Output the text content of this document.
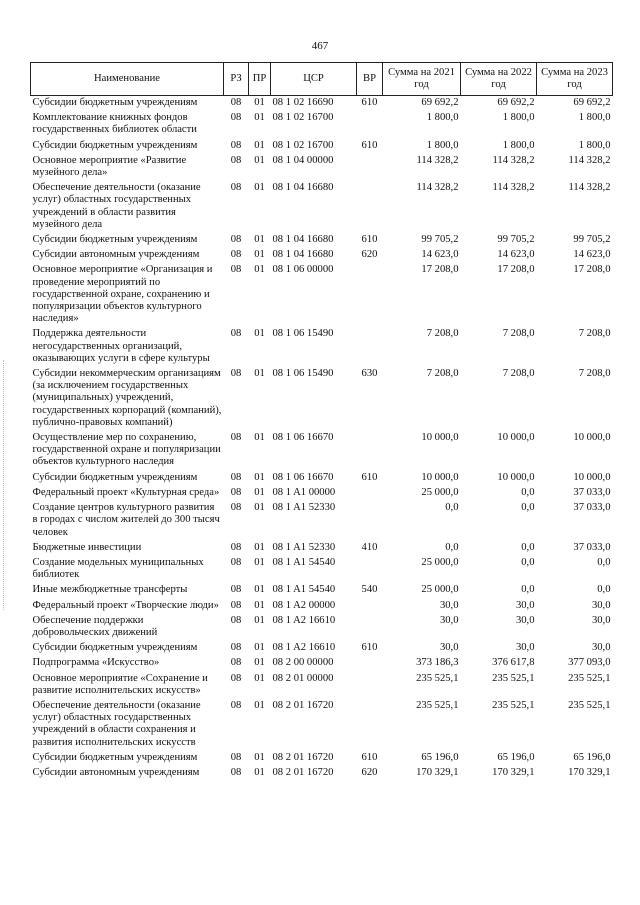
467
Наименование	РЗ	ПР	ЦСР	ВР	Сумма на 2021 год	Сумма на 2022 год	Сумма на 2023 год
Субсидии бюджетным учреждениям	08	01	08 1 02 16690	610	69 692,2	69 692,2	69 692,2
Комплектование книжных фондов государственных библиотек области	08	01	08 1 02 16700		1 800,0	1 800,0	1 800,0
Субсидии бюджетным учреждениям	08	01	08 1 02 16700	610	1 800,0	1 800,0	1 800,0
Основное мероприятие «Развитие музейного дела»	08	01	08 1 04 00000		114 328,2	114 328,2	114 328,2
Обеспечение деятельности (оказание услуг) областных государственных учреждений в области развития музейного дела	08	01	08 1 04 16680		114 328,2	114 328,2	114 328,2
Субсидии бюджетным учреждениям	08	01	08 1 04 16680	610	99 705,2	99 705,2	99 705,2
Субсидии автономным учреждениям	08	01	08 1 04 16680	620	14 623,0	14 623,0	14 623,0
Основное мероприятие «Организация и проведение мероприятий по государственной охране, сохранению и популяризации объектов культурного наследия»	08	01	08 1 06 00000		17 208,0	17 208,0	17 208,0
Поддержка деятельности негосударственных организаций, оказывающих услуги в сфере культуры	08	01	08 1 06 15490		7 208,0	7 208,0	7 208,0
Субсидии некоммерческим организациям (за исключением государственных (муниципальных) учреждений, государственных корпораций (компаний), публично-правовых компаний)	08	01	08 1 06 15490	630	7 208,0	7 208,0	7 208,0
Осуществление мер по сохранению, государственной охране и популяризации объектов культурного наследия	08	01	08 1 06 16670		10 000,0	10 000,0	10 000,0
Субсидии бюджетным учреждениям	08	01	08 1 06 16670	610	10 000,0	10 000,0	10 000,0
Федеральный проект «Культурная среда»	08	01	08 1 A1 00000		25 000,0	0,0	37 033,0
Создание центров культурного развития в городах с числом жителей до 300 тысяч человек	08	01	08 1 A1 52330		0,0	0,0	37 033,0
Бюджетные инвестиции	08	01	08 1 A1 52330	410	0,0	0,0	37 033,0
Создание модельных муниципальных библиотек	08	01	08 1 A1 54540		25 000,0	0,0	0,0
Иные межбюджетные трансферты	08	01	08 1 A1 54540	540	25 000,0	0,0	0,0
Федеральный проект «Творческие люди»	08	01	08 1 A2 00000		30,0	30,0	30,0
Обеспечение поддержки добровольческих движений	08	01	08 1 A2 16610		30,0	30,0	30,0
Субсидии бюджетным учреждениям	08	01	08 1 A2 16610	610	30,0	30,0	30,0
Подпрограмма «Искусство»	08	01	08 2 00 00000		373 186,3	376 617,8	377 093,0
Основное мероприятие «Сохранение и развитие исполнительских искусств»	08	01	08 2 01 00000		235 525,1	235 525,1	235 525,1
Обеспечение деятельности (оказание услуг) областных государственных учреждений в области сохранения и развития исполнительских искусств	08	01	08 2 01 16720		235 525,1	235 525,1	235 525,1
Субсидии бюджетным учреждениям	08	01	08 2 01 16720	610	65 196,0	65 196,0	65 196,0
Субсидии автономным учреждениям	08	01	08 2 01 16720	620	170 329,1	170 329,1	170 329,1
